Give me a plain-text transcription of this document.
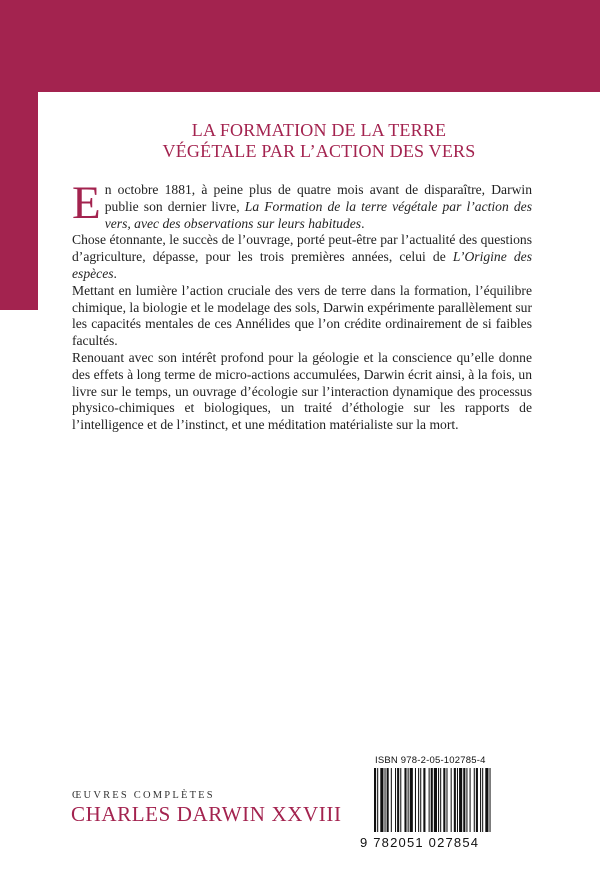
LA FORMATION DE LA TERRE
VÉGÉTALE PAR L’ACTION DES VERS

En octobre 1881, à peine plus de quatre mois avant de disparaître, Darwin publie son dernier livre, La Formation de la terre végétale par l’action des vers, avec des observations sur leurs habitudes.

Chose étonnante, le succès de l’ouvrage, porté peut-être par l’actualité des questions d’agriculture, dépasse, pour les trois premières années, celui de L’Origine des espèces.

Mettant en lumière l’action cruciale des vers de terre dans la formation, l’équilibre chimique, la biologie et le modelage des sols, Darwin expérimente parallèlement sur les capacités mentales de ces Annélides que l’on crédite ordinairement de si faibles facultés.

Renouant avec son intérêt profond pour la géologie et la conscience qu’elle donne des effets à long terme de micro-actions accumulées, Darwin écrit ainsi, à la fois, un livre sur le temps, un ouvrage d’écologie sur l’interaction dynamique des processus physico-chimiques et biologiques, un traité d’éthologie sur les rapports de l’intelligence et de l’instinct, et une méditation matérialiste sur la mort.

ŒUVRES COMPLÈTES
CHARLES DARWIN XXVIII
ISBN 978-2-05-102785-4
9 782051 027854
